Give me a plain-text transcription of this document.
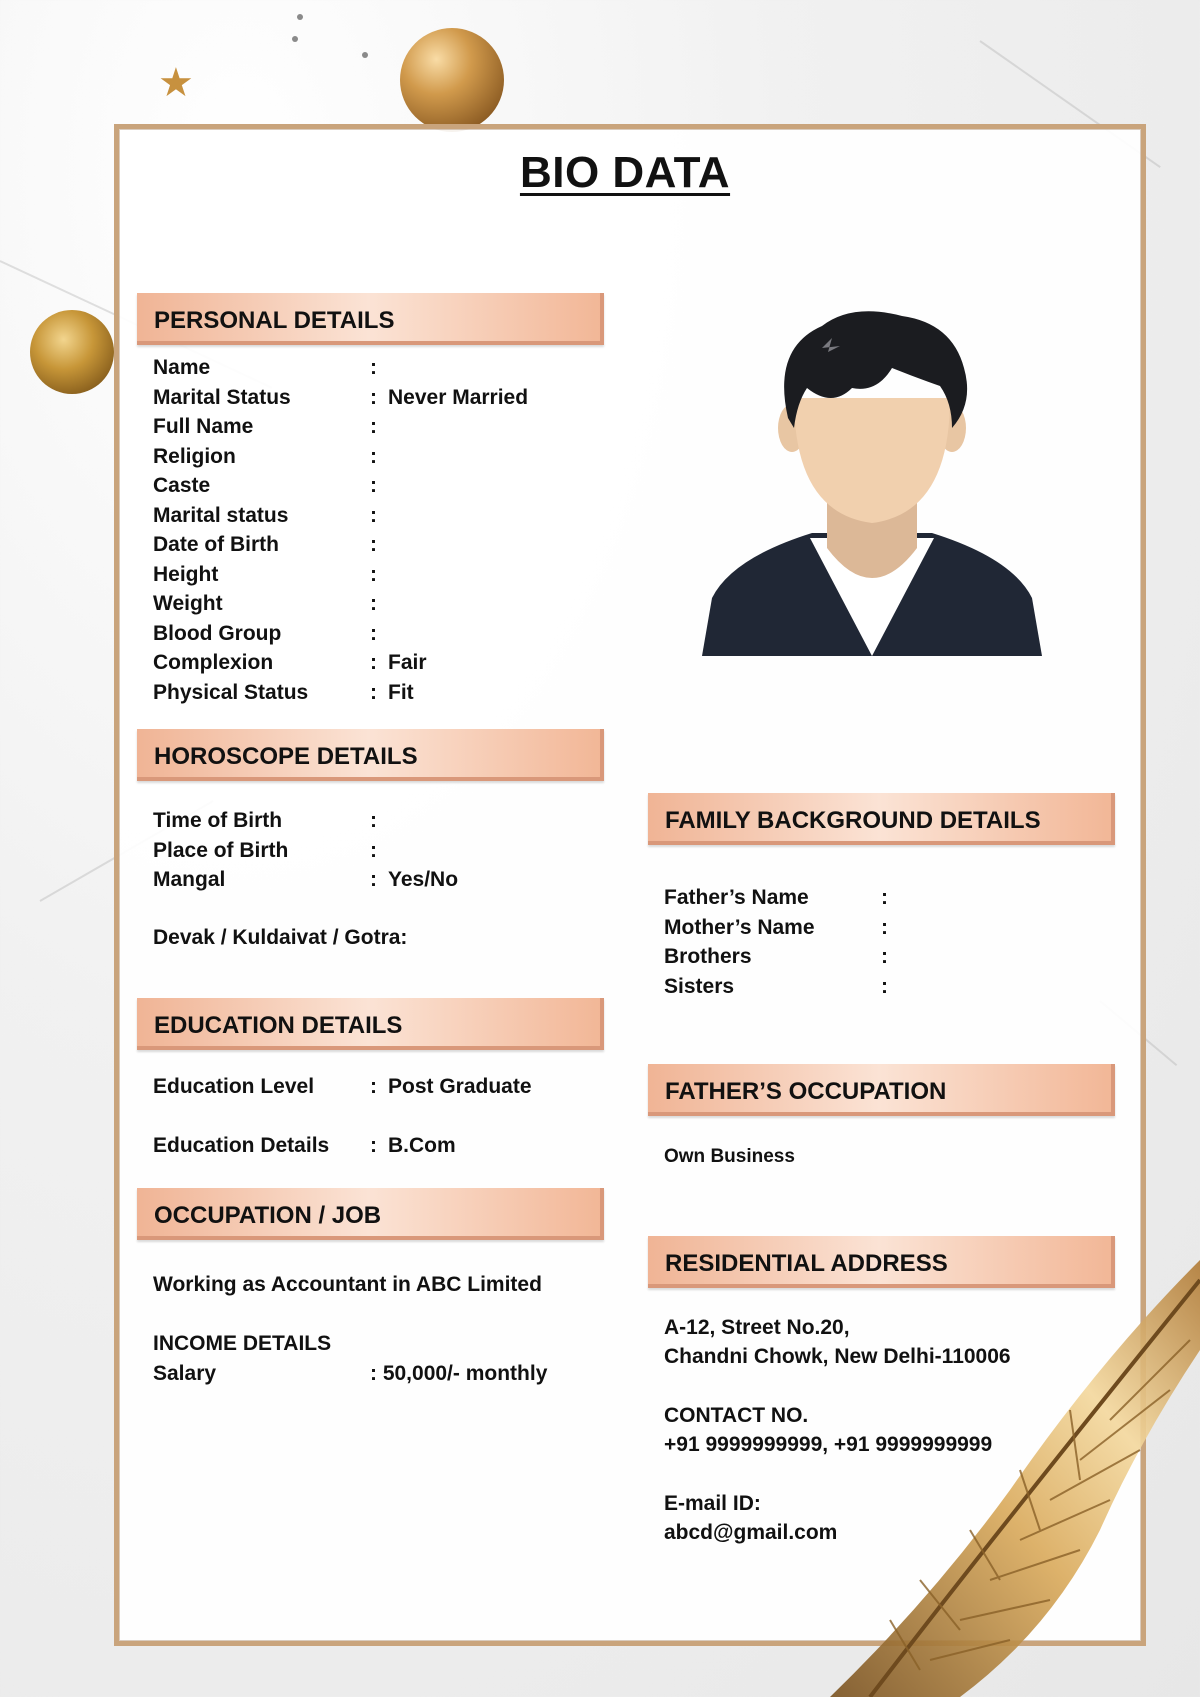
★
BIO DATA
PERSONAL DETAILS
Name	:
Marital Status	: Never Married
Full Name	:
Religion	:
Caste	:
Marital status	:
Date of Birth	:
Height	:
Weight	:
Blood Group	:
Complexion	: Fair
Physical Status	: Fit
HOROSCOPE DETAILS
Time of Birth	:
Place of Birth	:
Mangal	: Yes/No
Devak / Kuldaivat / Gotra:
EDUCATION DETAILS
Education Level	: Post Graduate
Education Details : B.Com
OCCUPATION / JOB
Working as Accountant in ABC Limited
INCOME DETAILS
Salary	: 50,000/- monthly
FAMILY BACKGROUND DETAILS
Father’s Name	:
Mother’s Name	:
Brothers	:
Sisters	:
FATHER’S OCCUPATION
Own Business
RESIDENTIAL ADDRESS
A-12, Street No.20,
Chandni Chowk, New Delhi-110006
CONTACT NO.
+91 9999999999, +91 9999999999
E-mail ID:
abcd@gmail.com
